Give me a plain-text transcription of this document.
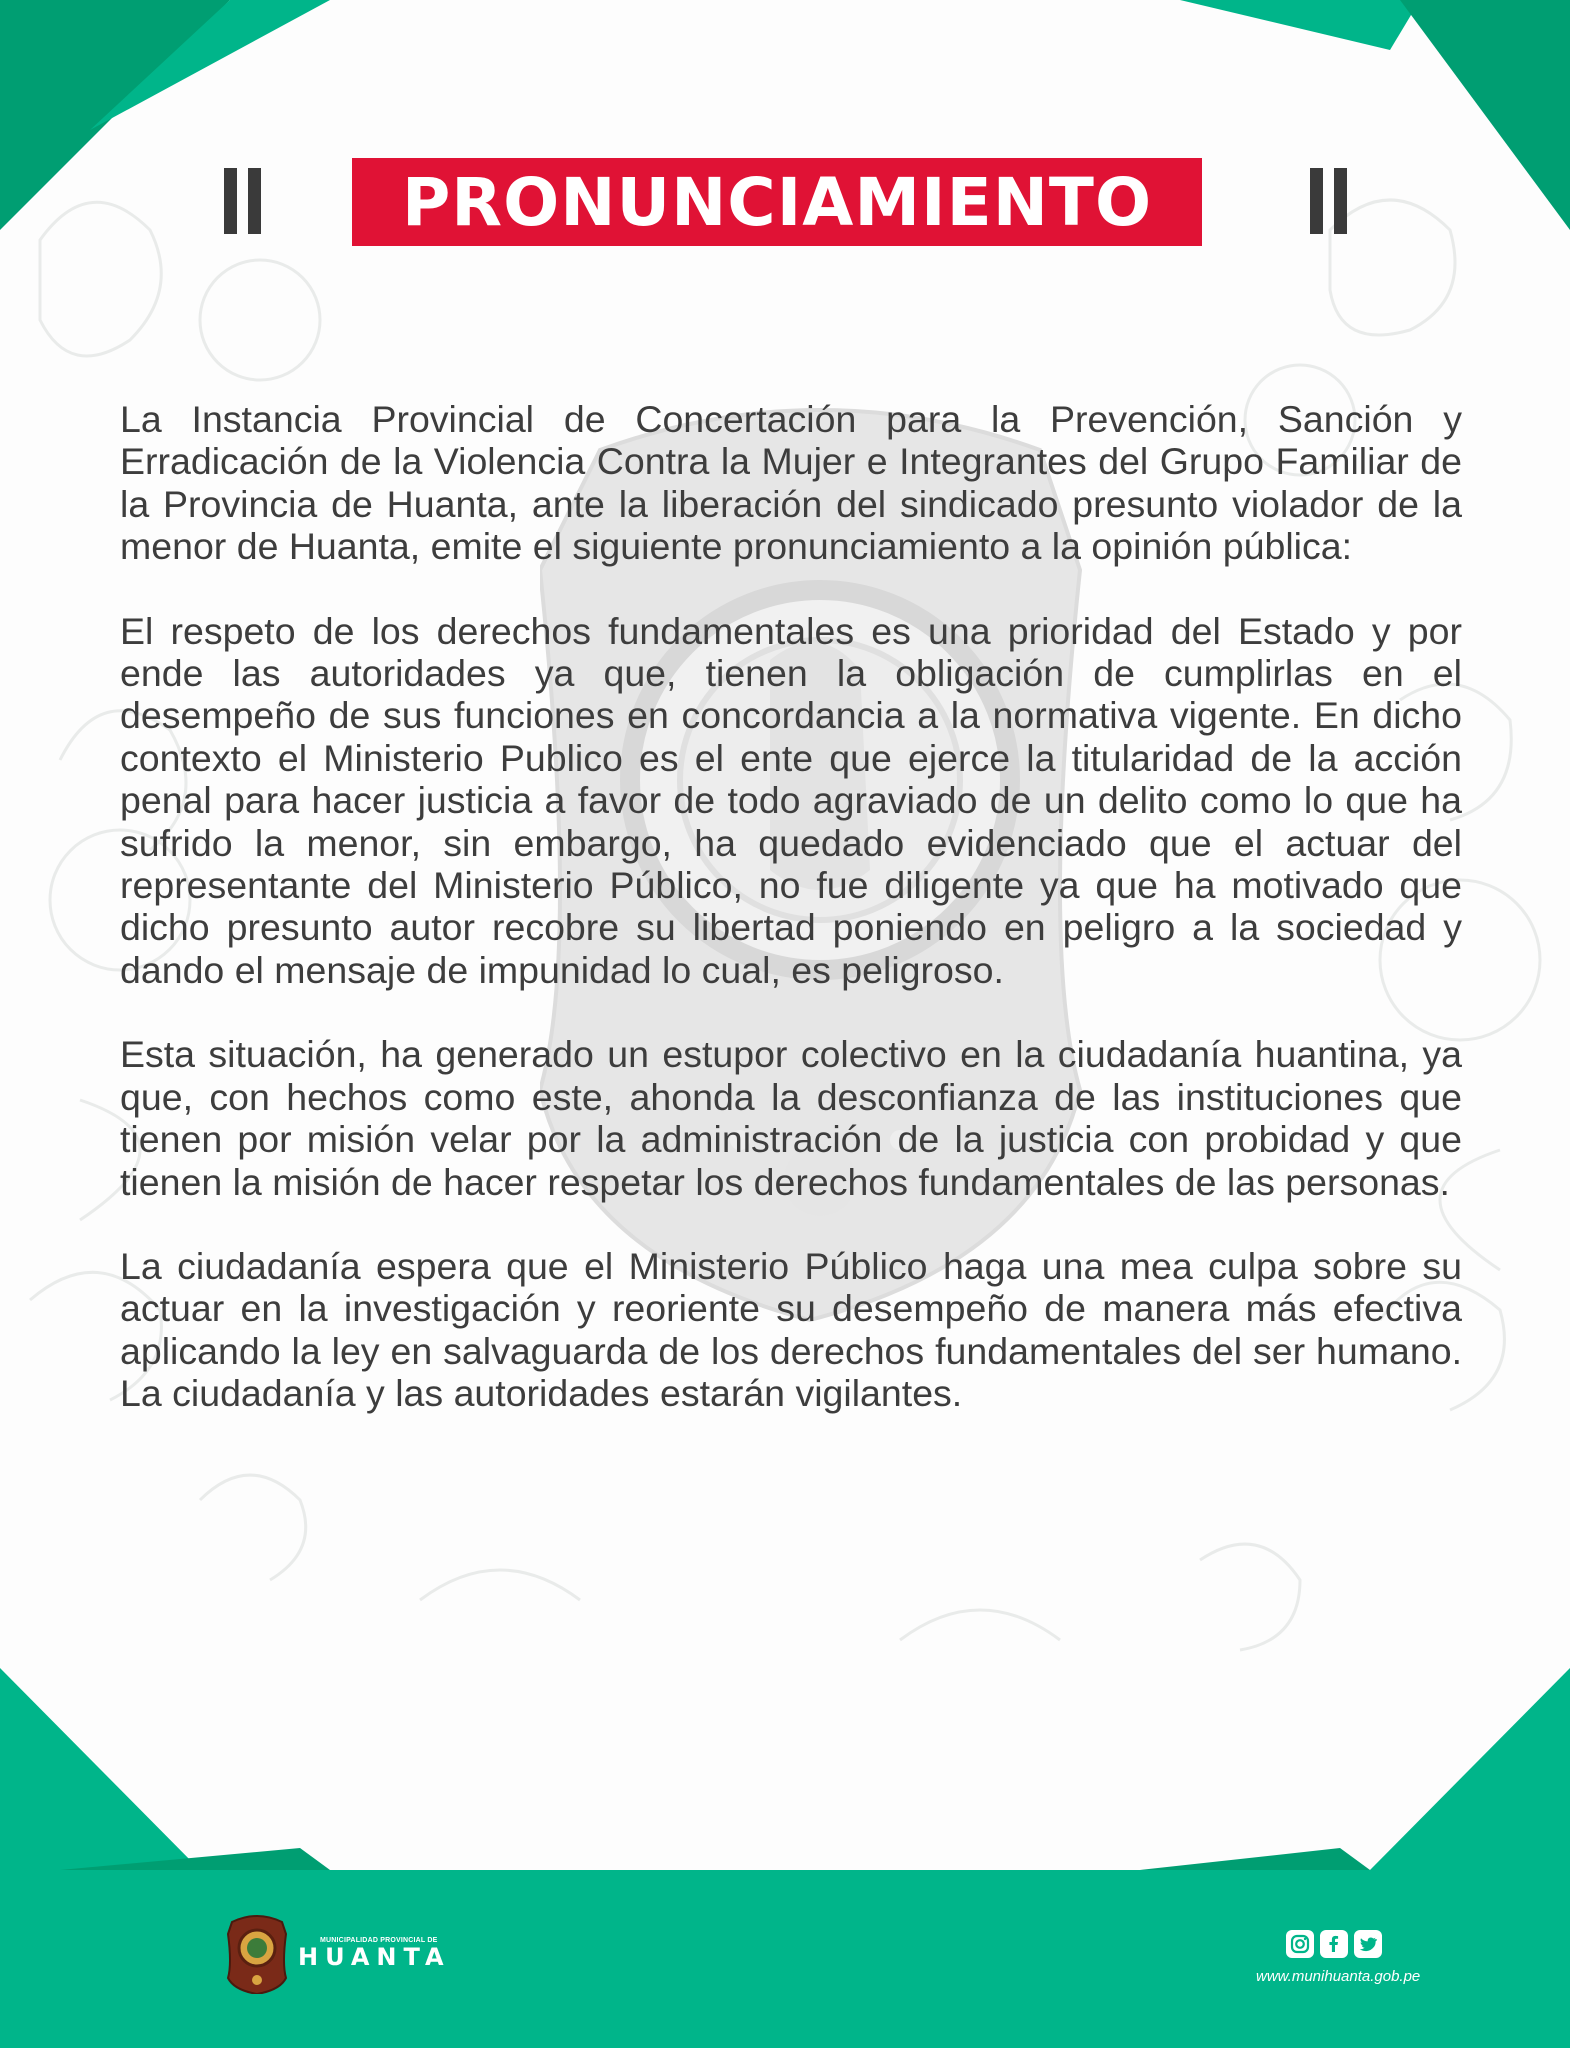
PRONUNCIAMIENTO

La Instancia Provincial de Concertación para la Prevención, Sanción y Erradicación de la Violencia Contra la Mujer e Integrantes del Grupo Familiar de la Provincia de Huanta, ante la liberación del sindicado presunto violador de la menor de Huanta, emite el siguiente pronunciamiento a la opinión pública:

El respeto de los derechos fundamentales es una prioridad del Estado y por ende las autoridades ya que, tienen la obligación de cumplirlas en el desempeño de sus funciones en concordancia a la normativa vigente. En dicho contexto el Ministerio Publico es el ente que ejerce la titularidad de la acción penal para hacer justicia a favor de todo agraviado de un delito como lo que ha sufrido la menor, sin embargo, ha quedado evidenciado que el actuar del representante del Ministerio Público, no fue diligente ya que ha motivado que dicho presunto autor recobre su libertad poniendo en peligro a la sociedad y dando el mensaje de impunidad lo cual, es peligroso.

Esta situación, ha generado un estupor colectivo en la ciudadanía huantina, ya que, con hechos como este, ahonda la desconfianza de las instituciones que tienen por misión velar por la administración de la justicia con probidad y que tienen la misión de hacer respetar los derechos fundamentales de las personas.

La ciudadanía espera que el Ministerio Público haga una mea culpa sobre su actuar en la investigación y reoriente su desempeño de manera más efectiva aplicando la ley en salvaguarda de los derechos fundamentales del ser humano. La ciudadanía y las autoridades estarán vigilantes.

MUNICIPALIDAD PROVINCIAL DE
HUANTA
www.munihuanta.gob.pe
